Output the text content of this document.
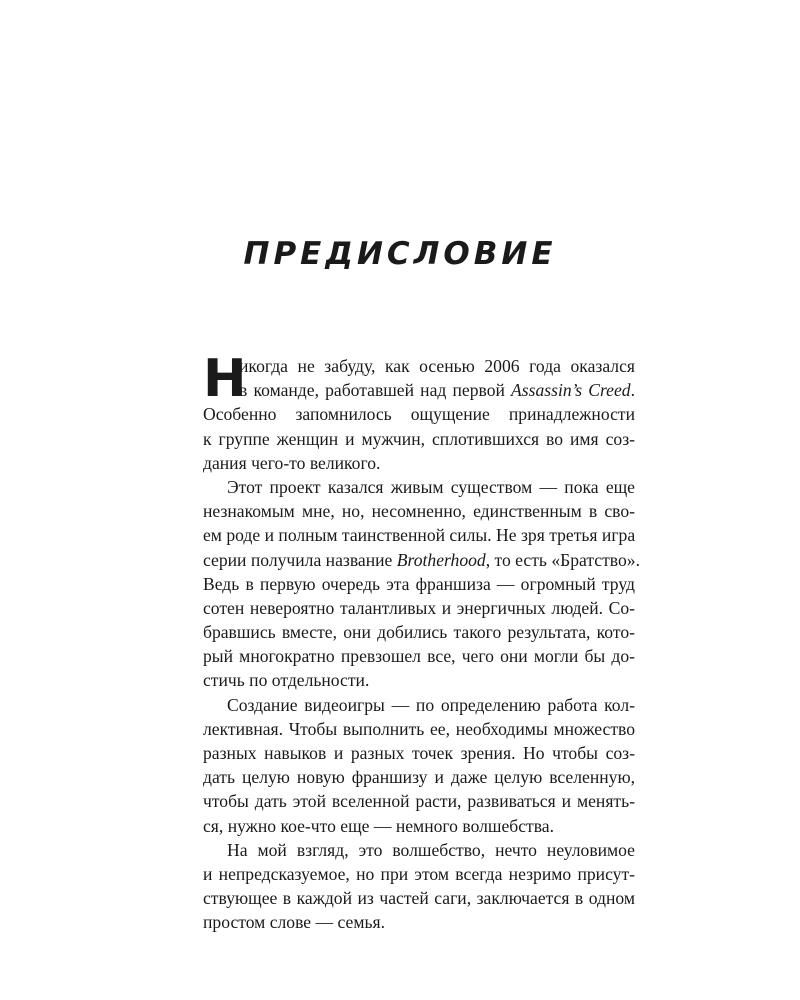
ПРЕДИСЛОВИЕ
Н
икогда не забуду, как осенью 2006 года оказался
в команде, работавшей над первой Assassin’s Creed.
Особенно запомнилось ощущение принадлежности
к группе женщин и мужчин, сплотившихся во имя соз-
дания чего-то великого.
Этот проект казался живым существом — пока еще
незнакомым мне, но, несомненно, единственным в сво-
ем роде и полным таинственной силы. Не зря третья игра
серии получила название Brotherhood, то есть «Братство».
Ведь в первую очередь эта франшиза — огромный труд
сотен невероятно талантливых и энергичных людей. Со-
бравшись вместе, они добились такого результата, кото-
рый многократно превзошел все, чего они могли бы до-
стичь по отдельности.
Создание видеоигры — по определению работа кол-
лективная. Чтобы выполнить ее, необходимы множество
разных навыков и разных точек зрения. Но чтобы соз-
дать целую новую франшизу и даже целую вселенную,
чтобы дать этой вселенной расти, развиваться и менять-
ся, нужно кое-что еще — немного волшебства.
На мой взгляд, это волшебство, нечто неуловимое
и непредсказуемое, но при этом всегда незримо присут-
ствующее в каждой из частей саги, заключается в одном
простом слове — семья.
